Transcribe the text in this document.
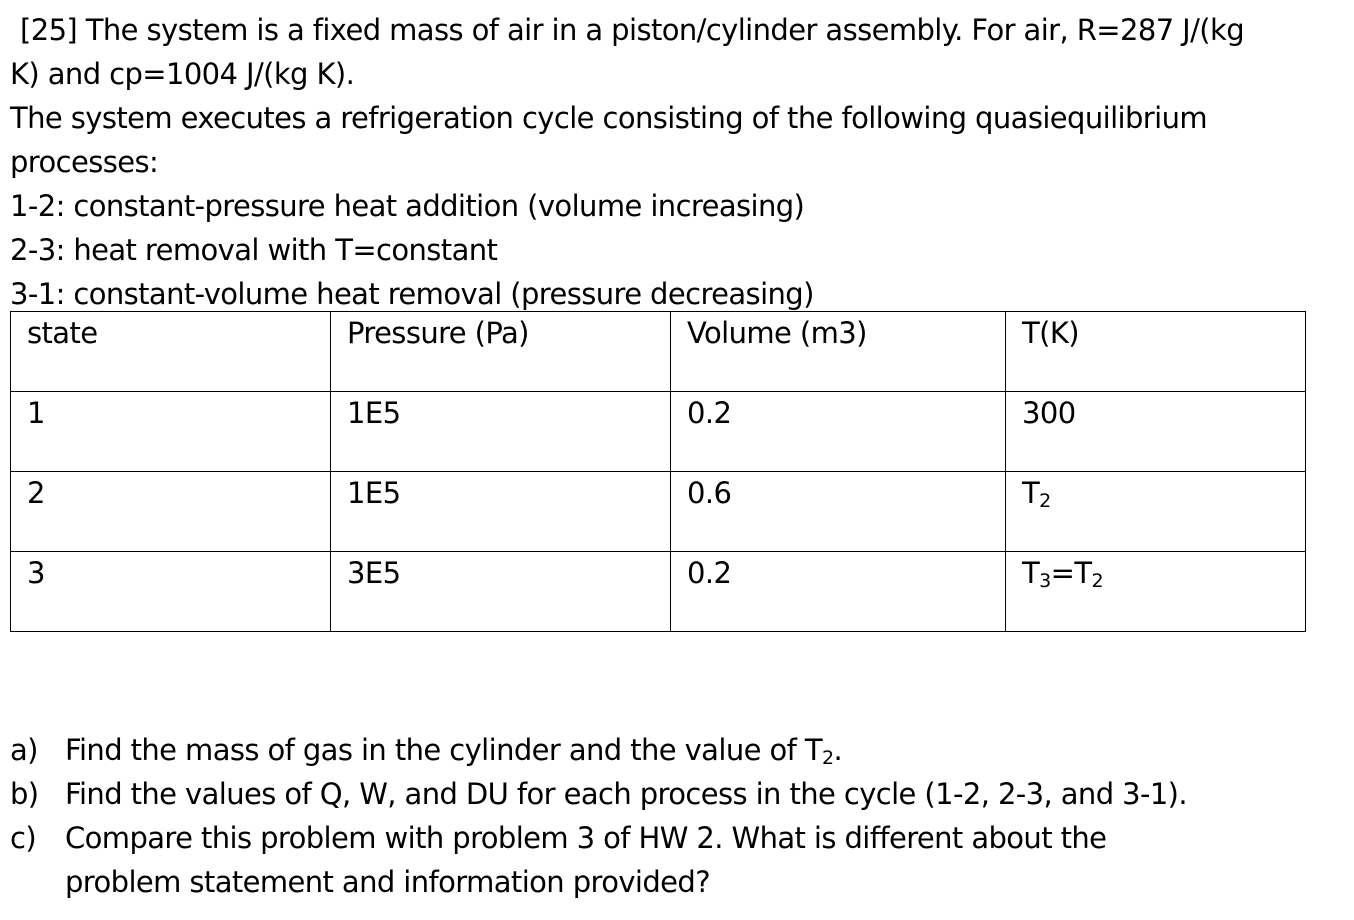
[25] The system is a fixed mass of air in a piston/cylinder assembly. For air, R=287 J/(kg

K) and cp=1004 J/(kg K).

The system executes a refrigeration cycle consisting of the following quasiequilibrium

processes:

1-2: constant-pressure heat addition (volume increasing)

2-3: heat removal with T=constant

3-1: constant-volume heat removal (pressure decreasing)

state	Pressure (Pa)	Volume (m3)	T(K)
1	1E5	0.2	300
2	1E5	0.6	$T_2$
3	3E5	0.2	$T_3=T_2$
a) Find the mass of gas in the cylinder and the value of $T_2$.
b) Find the values of Q, W, and DU for each process in the cycle (1-2, 2-3, and 3-1).
c) Compare this problem with problem 3 of HW 2. What is different about the
problem statement and information provided?
